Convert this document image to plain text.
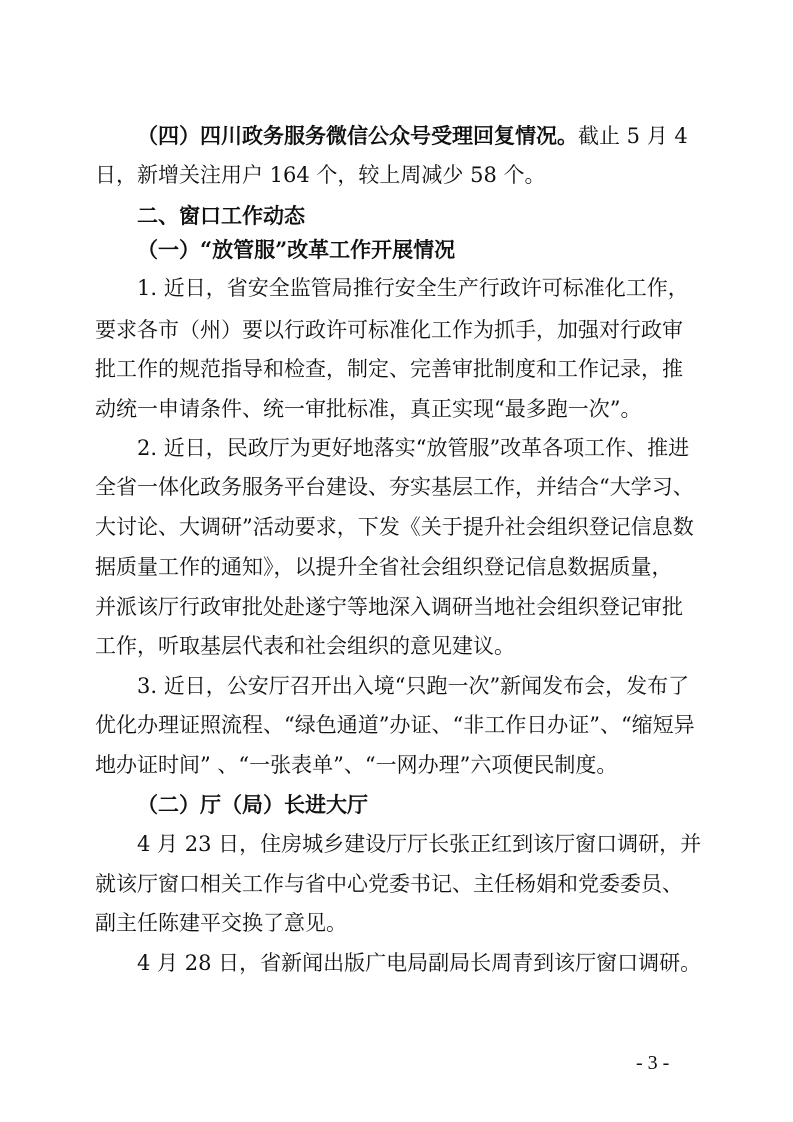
（四）四川政务服务微信公众号受理回复情况。截止 5 月 4
日，新增关注用户 164 个，较上周减少 58 个。
二、窗口工作动态
（一）“放管服”改革工作开展情况
1. 近日，省安全监管局推行安全生产行政许可标准化工作，
要求各市（州）要以行政许可标准化工作为抓手，加强对行政审
批工作的规范指导和检查，制定、完善审批制度和工作记录，推
动统一申请条件、统一审批标准，真正实现“最多跑一次”。
2. 近日，民政厅为更好地落实“放管服”改革各项工作、推进
全省一体化政务服务平台建设、夯实基层工作，并结合“大学习、
大讨论、大调研”活动要求，下发《关于提升社会组织登记信息数
据质量工作的通知》，以提升全省社会组织登记信息数据质量，
并派该厅行政审批处赴遂宁等地深入调研当地社会组织登记审批
工作，听取基层代表和社会组织的意见建议。
3. 近日，公安厅召开出入境“只跑一次”新闻发布会，发布了
优化办理证照流程、“绿色通道”办证、“非工作日办证”、“缩短异
地办证时间” 、“一张表单”、“一网办理”六项便民制度。
（二）厅（局）长进大厅
4 月 23 日，住房城乡建设厅厅长张正红到该厅窗口调研，并
就该厅窗口相关工作与省中心党委书记、主任杨娟和党委委员、
副主任陈建平交换了意见。
4 月 28 日，省新闻出版广电局副局长周青到该厅窗口调研。
- 3 -
